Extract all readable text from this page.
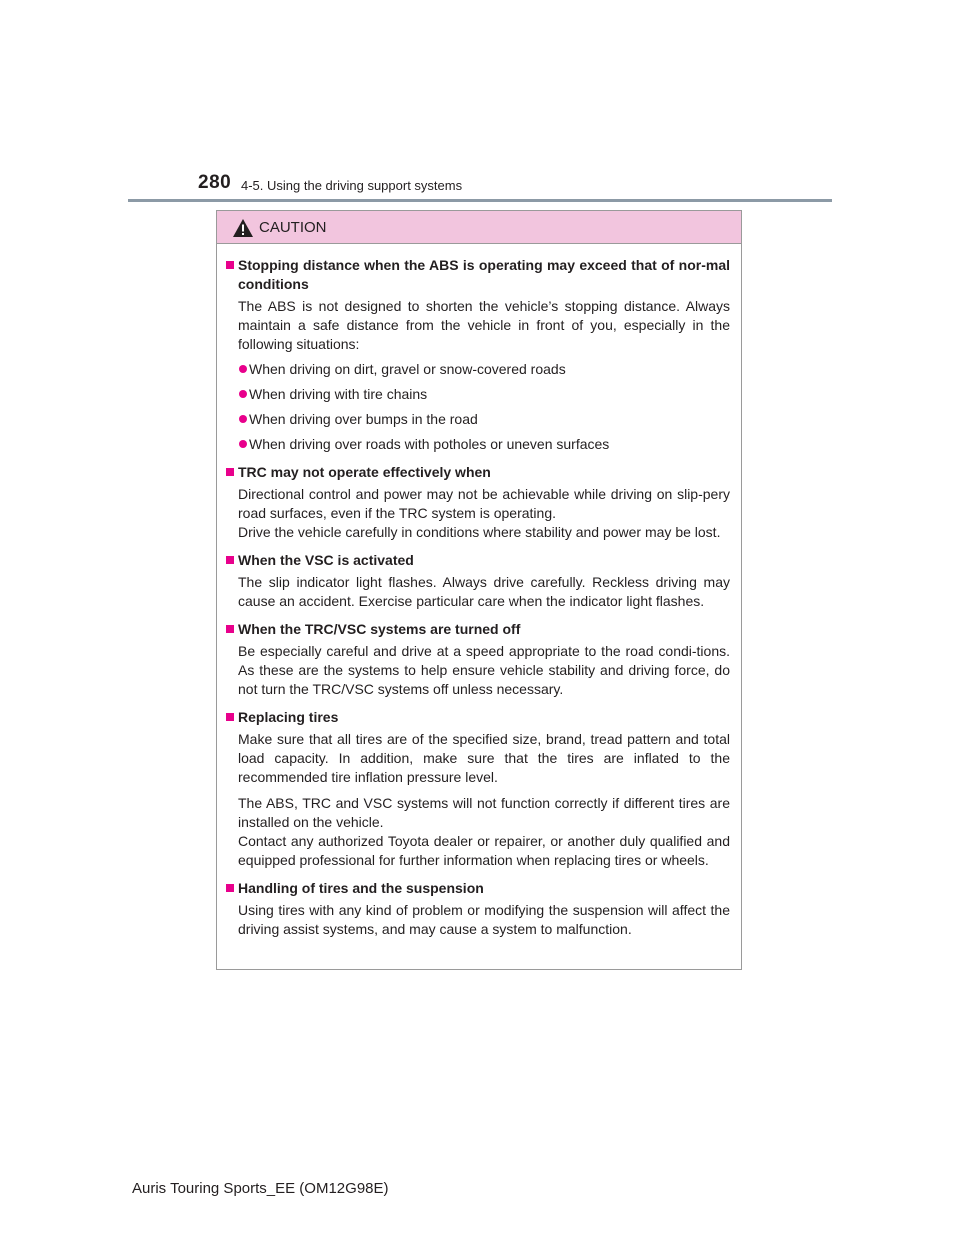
280 4-5. Using the driving support systems
CAUTION
Stopping distance when the ABS is operating may exceed that of nor-mal conditions
The ABS is not designed to shorten the vehicle’s stopping distance. Always maintain a safe distance from the vehicle in front of you, especially in the following situations:
When driving on dirt, gravel or snow-covered roads
When driving with tire chains
When driving over bumps in the road
When driving over roads with potholes or uneven surfaces
TRC may not operate effectively when
Directional control and power may not be achievable while driving on slip-pery road surfaces, even if the TRC system is operating.
Drive the vehicle carefully in conditions where stability and power may be lost.
When the VSC is activated
The slip indicator light flashes. Always drive carefully. Reckless driving may cause an accident. Exercise particular care when the indicator light flashes.
When the TRC/VSC systems are turned off
Be especially careful and drive at a speed appropriate to the road condi-tions. As these are the systems to help ensure vehicle stability and driving force, do not turn the TRC/VSC systems off unless necessary.
Replacing tires
Make sure that all tires are of the specified size, brand, tread pattern and total load capacity. In addition, make sure that the tires are inflated to the recommended tire inflation pressure level.
The ABS, TRC and VSC systems will not function correctly if different tires are installed on the vehicle.
Contact any authorized Toyota dealer or repairer, or another duly qualified and equipped professional for further information when replacing tires or wheels.
Handling of tires and the suspension
Using tires with any kind of problem or modifying the suspension will affect the driving assist systems, and may cause a system to malfunction.
Auris Touring Sports_EE (OM12G98E)
